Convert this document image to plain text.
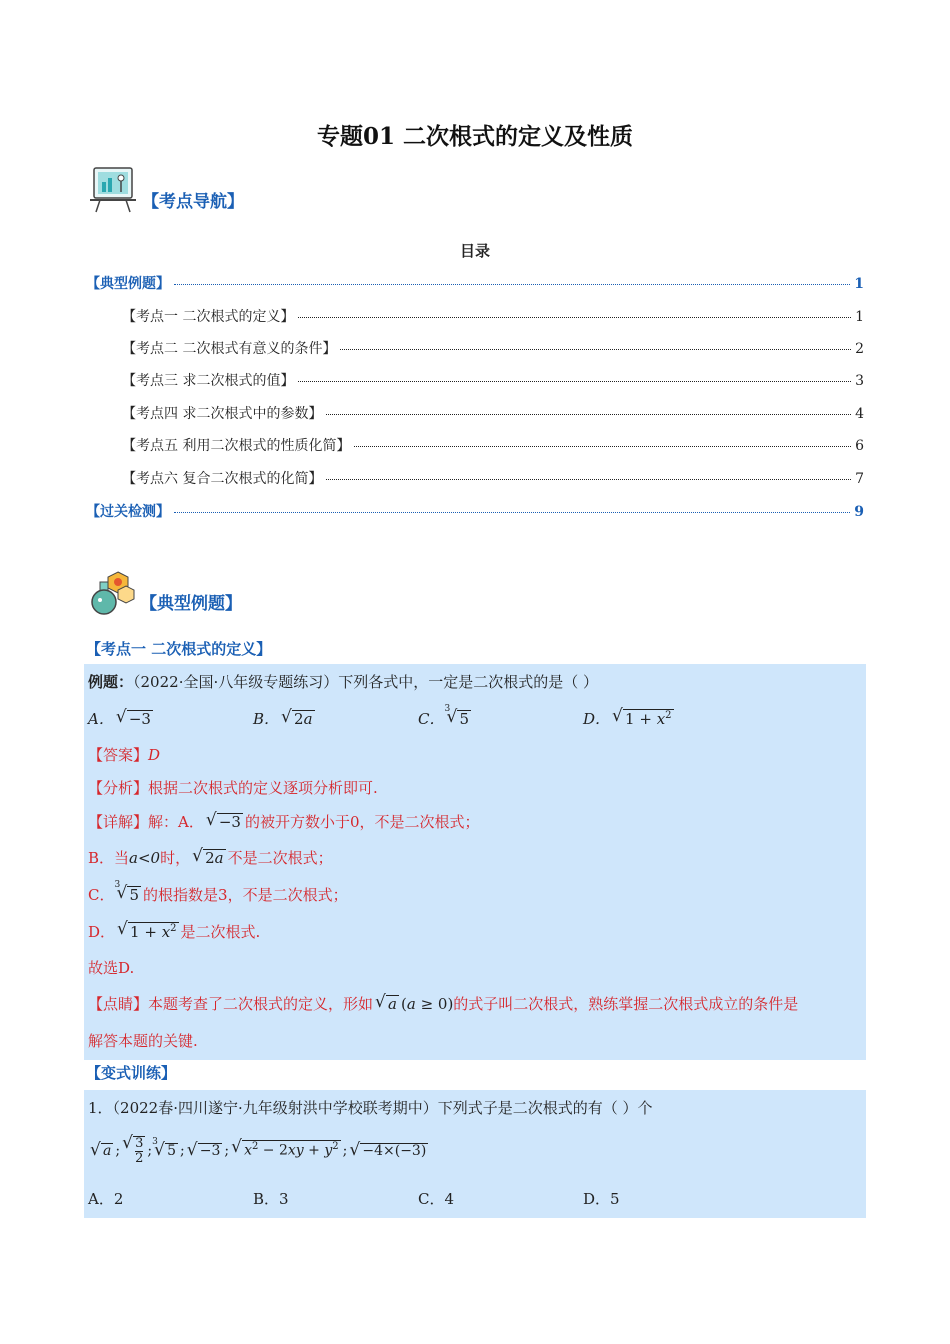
专题01 二次根式的定义及性质
【考点导航】
目录
【典型例题】	1
【考点一 二次根式的定义】	1
【考点二 二次根式有意义的条件】	2
【考点三 求二次根式的值】	3
【考点四 求二次根式中的参数】	4
【考点五 利用二次根式的性质化简】	6
【考点六 复合二次根式的化简】	7
【过关检测】	9
【典型例题】
【考点一 二次根式的定义】
例题：（2022·全国·八年级专题练习）下列各式中，一定是二次根式的是（ ）
A． √ −3	B． √ 2a	C．
√ 3
5	D． √ $1 + x^2$
【答案】D
【分析】根据二次根式的定义逐项分析即可.
【详解】解：A． √ −3 的被开方数小于0，不是二次根式；
B．当a<0时， √ 2a 不是二次根式；
C．
√ 3
5 的根指数是3，不是二次根式；
D． √ $1 + x^2$ 是二次根式.
故选D.
【点睛】本题考查了二次根式的定义，形如 √ a (a ≥ 0)的式子叫二次根式，熟练掌握二次根式成立的条件是
解答本题的关键.
【变式训练】
1．（2022春·四川遂宁·九年级射洪中学校联考期中）下列式子是二次根式的有（ ）个
√ a ; √ $\frac{3}{2}$ ;
√ 3
5 ; √ −3 ; √ $x^2 - 2xy + y^2$ ; √ −4×(−3)
A．2	B．3	C．4	D．5
